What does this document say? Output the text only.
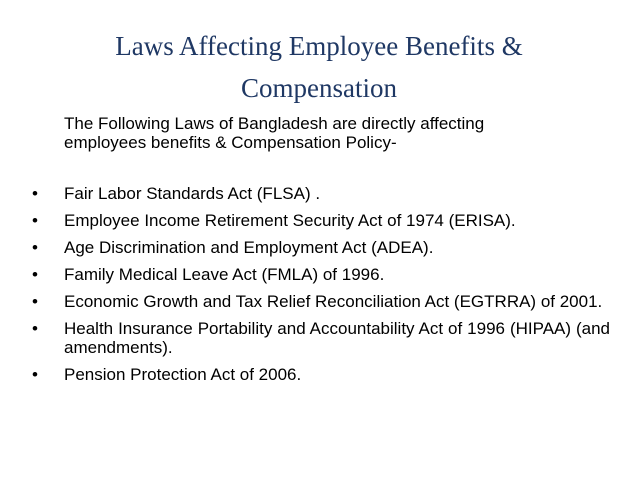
Laws Affecting Employee Benefits &
Compensation
The Following Laws of Bangladesh are directly affecting
employees benefits & Compensation Policy-
•	Fair Labor Standards Act (FLSA) .
•	Employee Income Retirement Security Act of 1974 (ERISA).
•	Age Discrimination and Employment Act (ADEA).
•	Family Medical Leave Act (FMLA) of 1996.
•	Economic Growth and Tax Relief Reconciliation Act (EGTRRA) of 2001.
•	Health Insurance Portability and Accountability Act of 1996 (HIPAA) (and amendments).
•	Pension Protection Act of 2006.
